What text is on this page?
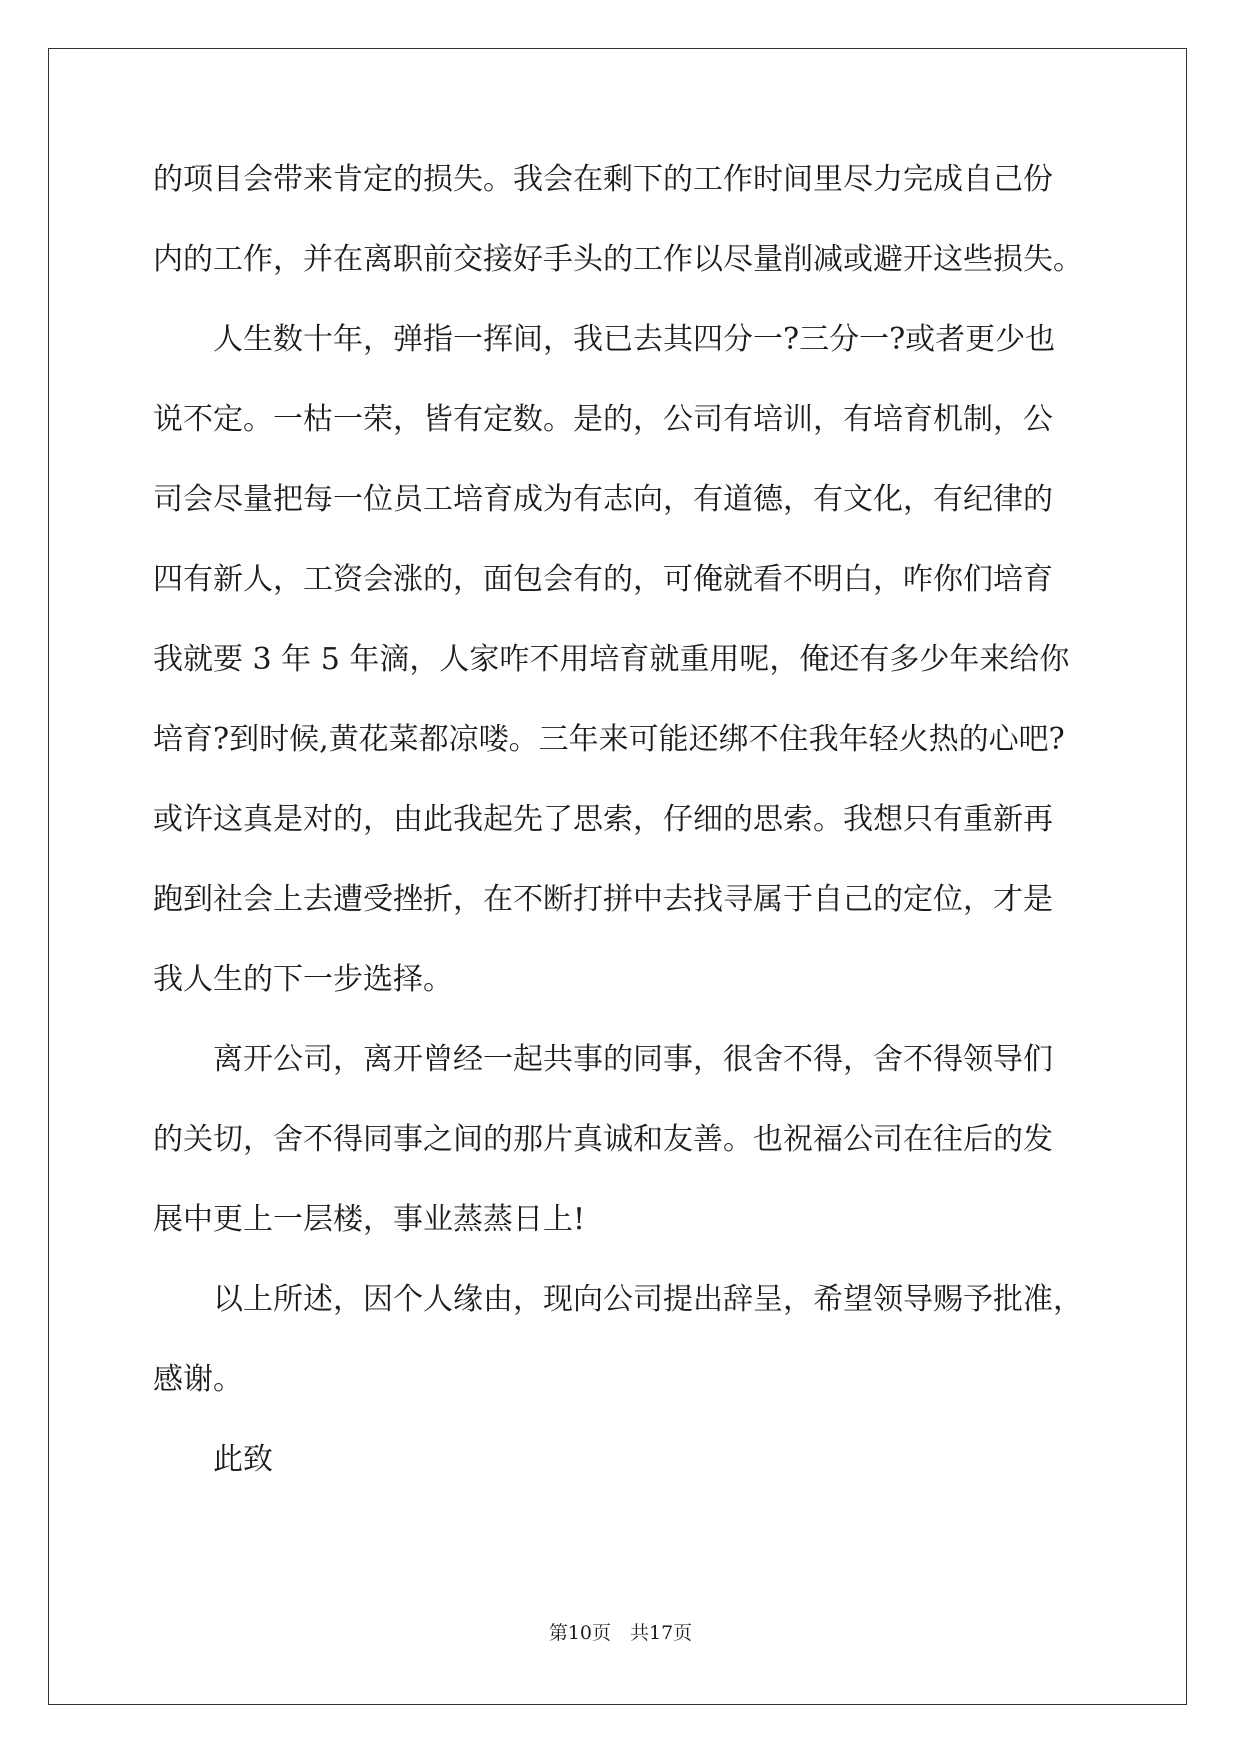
的项目会带来肯定的损失。我会在剩下的工作时间里尽力完成自己份
内的工作，并在离职前交接好手头的工作以尽量削减或避开这些损失。
　　人生数十年，弹指一挥间，我已去其四分一?三分一?或者更少也
说不定。一枯一荣，皆有定数。是的，公司有培训，有培育机制，公
司会尽量把每一位员工培育成为有志向，有道德，有文化，有纪律的
四有新人，工资会涨的，面包会有的，可俺就看不明白，咋你们培育
我就要 3 年 5 年滴，人家咋不用培育就重用呢，俺还有多少年来给你
培育?到时候,黄花菜都凉喽。三年来可能还绑不住我年轻火热的心吧?
或许这真是对的，由此我起先了思索，仔细的思索。我想只有重新再
跑到社会上去遭受挫折，在不断打拼中去找寻属于自己的定位，才是
我人生的下一步选择。
　　离开公司，离开曾经一起共事的同事，很舍不得，舍不得领导们
的关切，舍不得同事之间的那片真诚和友善。也祝福公司在往后的发
展中更上一层楼，事业蒸蒸日上!
　　以上所述，因个人缘由，现向公司提出辞呈，希望领导赐予批准，
感谢。
　　此致
第10页　共17页
